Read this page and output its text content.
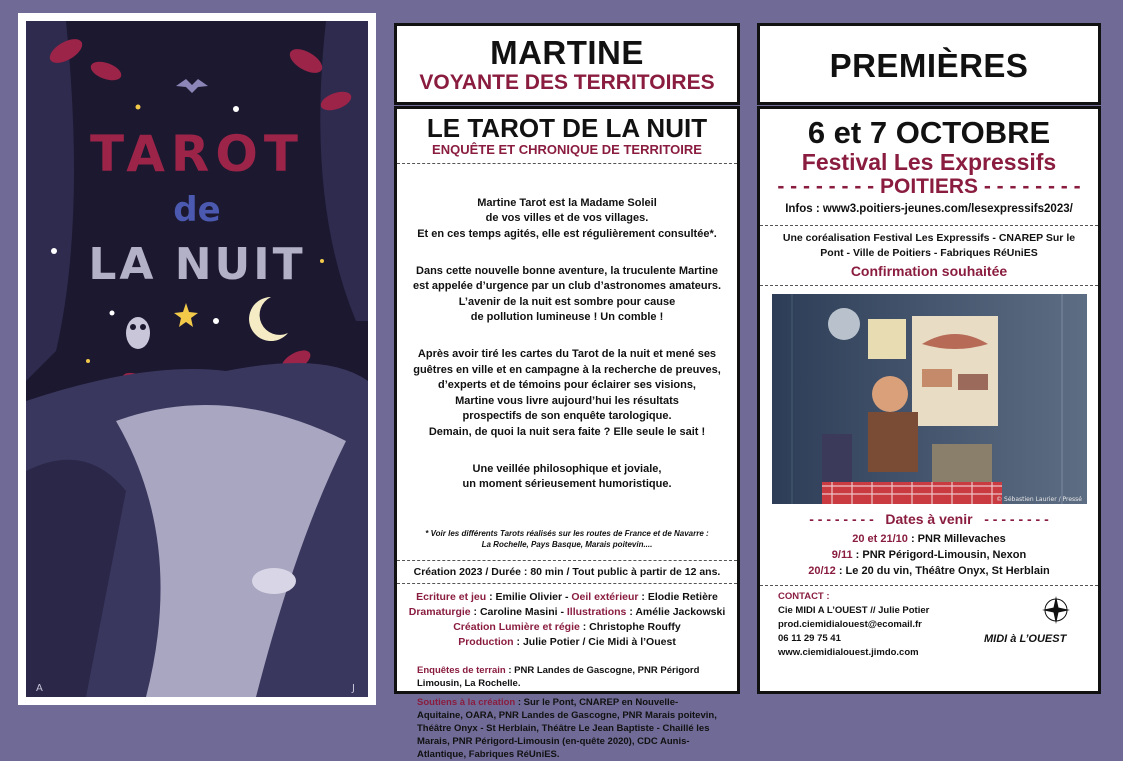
TAROT
de
LA NUIT
A	J
MARTINE
VOYANTE DES TERRITOIRES
LE TAROT DE LA NUIT
ENQUÊTE ET CHRONIQUE DE TERRITOIRE

Martine Tarot est la Madame Soleil
de vos villes et de vos villages.
Et en ces temps agités, elle est régulièrement consultée*.

Dans cette nouvelle bonne aventure, la truculente Martine
est appelée d’urgence par un club d’astronomes amateurs.
L’avenir de la nuit est sombre pour cause
de pollution lumineuse ! Un comble !

Après avoir tiré les cartes du Tarot de la nuit et mené ses
guêtres en ville et en campagne à la recherche de preuves,
d’experts et de témoins pour éclairer ses visions,
Martine vous livre aujourd’hui les résultats
prospectifs de son enquête tarologique.
Demain, de quoi la nuit sera faite ? Elle seule le sait !

Une veillée philosophique et joviale,
un moment sérieusement humoristique.

* Voir les différents Tarots réalisés sur les routes de France et de Navarre :
La Rochelle, Pays Basque, Marais poitevin....
Création 2023 / Durée : 80 min / Tout public à partir de 12 ans.
Ecriture et jeu : Emilie Olivier - Oeil extérieur : Elodie Retière
Dramaturgie : Caroline Masini - Illustrations : Amélie Jackowski
Création Lumière et régie : Christophe Rouffy
Production : Julie Potier / Cie Midi à l’Ouest
Enquêtes de terrain : PNR Landes de Gascogne, PNR Périgord Limousin, La Rochelle.
Soutiens à la création : Sur le Pont, CNAREP en Nouvelle- Aquitaine, OARA, PNR Landes de Gascogne, PNR Marais poitevin, Théâtre Onyx - St Herblain, Théâtre Le Jean Baptiste - Chaillé les Marais, PNR Périgord-Limousin (en-quête 2020), CDC Aunis-Atlantique, Fabriques RéUniES.
PREMIÈRES
6 et 7 OCTOBRE
Festival Les Expressifs
- - - - - - - - POITIERS - - - - - - - -
Infos : www3.poitiers-jeunes.com/lesexpressifs2023/
Une coréalisation Festival Les Expressifs - CNAREP Sur le Pont - Ville de Poitiers - Fabriques RéUniES
Confirmation souhaitée
© Sébastien Laurier / Pressé
- - - - - - - -   Dates à venir   - - - - - - - -
20 et 21/10 : PNR Millevaches
9/11 : PNR Périgord-Limousin, Nexon
20/12 : Le 20 du vin, Théâtre Onyx, St Herblain
CONTACT :
Cie MIDI A L’OUEST // Julie Potier
prod.ciemidialouest@ecomail.fr
06 11 29 75 41
www.ciemidialouest.jimdo.com
MIDI à L’OUEST
